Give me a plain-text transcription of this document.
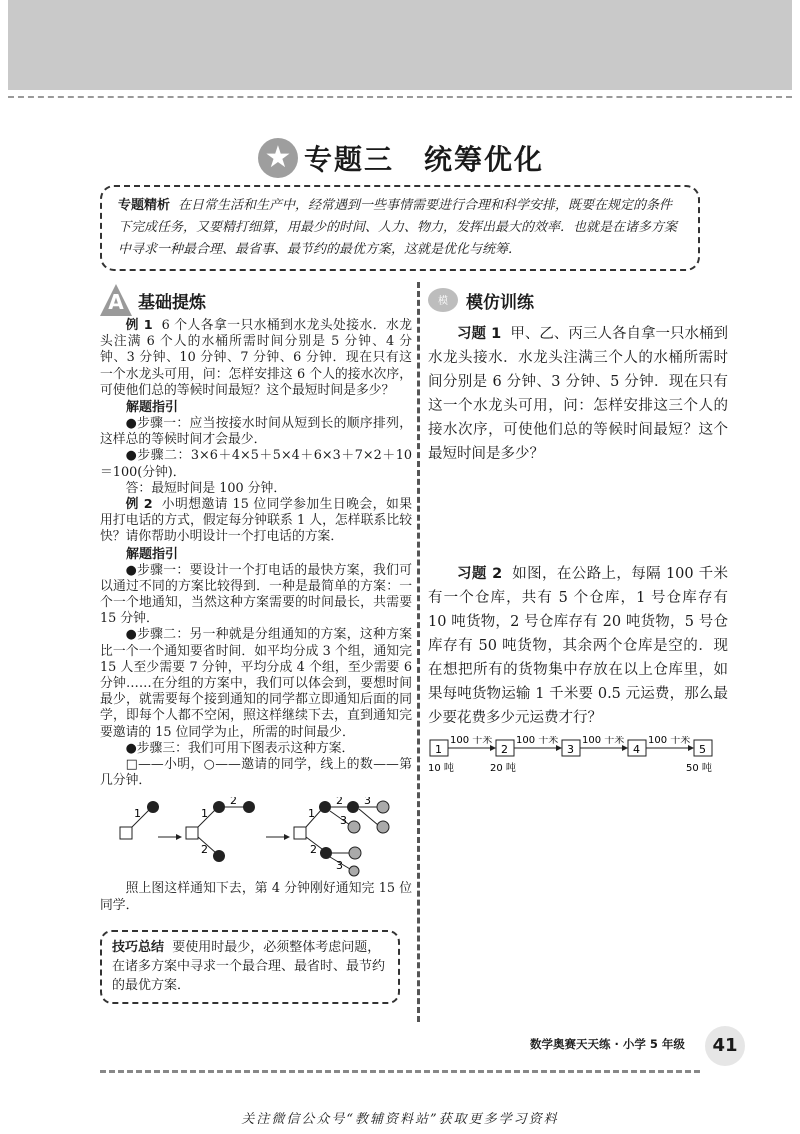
★ 专题三 统筹优化
专题精析 在日常生活和生产中，经常遇到一些事情需要进行合理和科学安排，既要在规定的条件下完成任务，又要精打细算，用最少的时间、人力、物力，发挥出最大的效率．也就是在诸多方案中寻求一种最合理、最省事、最节约的最优方案，这就是优化与统筹．
A 基础提炼

例 1 6 个人各拿一只水桶到水龙头处接水．水龙头注满 6 个人的水桶所需时间分别是 5 分钟、4 分钟、3 分钟、10 分钟、7 分钟、6 分钟．现在只有这一个水龙头可用，问：怎样安排这 6 个人的接水次序，可使他们总的等候时间最短？这个最短时间是多少？

解题指引

●步骤一：应当按接水时间从短到长的顺序排列，这样总的等候时间才会最少．

●步骤二：3×6＋4×5＋5×4＋6×3＋7×2＋10＝100(分钟)．

答：最短时间是 100 分钟．

例 2 小明想邀请 15 位同学参加生日晚会，如果用打电话的方式，假定每分钟联系 1 人，怎样联系比较快？请你帮助小明设计一个打电话的方案．

解题指引

●步骤一：要设计一个打电话的最快方案，我们可以通过不同的方案比较得到．一种是最简单的方案：一个一个地通知，当然这种方案需要的时间最长，共需要 15 分钟．

●步骤二：另一种就是分组通知的方案，这种方案比一个一个通知要省时间．如平均分成 3 个组，通知完 15 人至少需要 7 分钟，平均分成 4 个组，至少需要 6 分钟……在分组的方案中，我们可以体会到，要想时间最少，就需要每个接到通知的同学都立即通知后面的同学，即每个人都不空闲，照这样继续下去，直到通知完要邀请的 15 位同学为止，所需的时间最少．

●步骤三：我们可用下图表示这种方案．

□——小明，○——邀请的同学，线上的数——第几分钟．

1	1
2
2
1
2
2
3
3
3

照上图这样通知下去，第 4 分钟刚好通知完 15 位同学．

技巧总结 要使用时最少，必须整体考虑问题，在诸多方案中寻求一个最合理、最省时、最节约的最优方案．
模	模仿训练

习题 1 甲、乙、丙三人各自拿一只水桶到水龙头接水．水龙头注满三个人的水桶所需时间分别是 6 分钟、3 分钟、5 分钟．现在只有这一个水龙头可用，问：怎样安排这三个人的接水次序，可使他们总的等候时间最短？这个最短时间是多少？

习题 2 如图，在公路上，每隔 100 千米有一个仓库，共有 5 个仓库，1 号仓库存有 10 吨货物，2 号仓库存有 20 吨货物，5 号仓库存有 50 吨货物，其余两个仓库是空的．现在想把所有的货物集中存放在以上仓库里，如果每吨货物运输 1 千米要 0.5 元运费，那么最少要花费多少元运费才行？

1
100 千米
2
100 千米
3
100 千米
4
100 千米
5
10 吨	20 吨	50 吨
数学奥赛天天练 · 小学 5 年级	41
关注微信公众号“教辅资料站”获取更多学习资料
